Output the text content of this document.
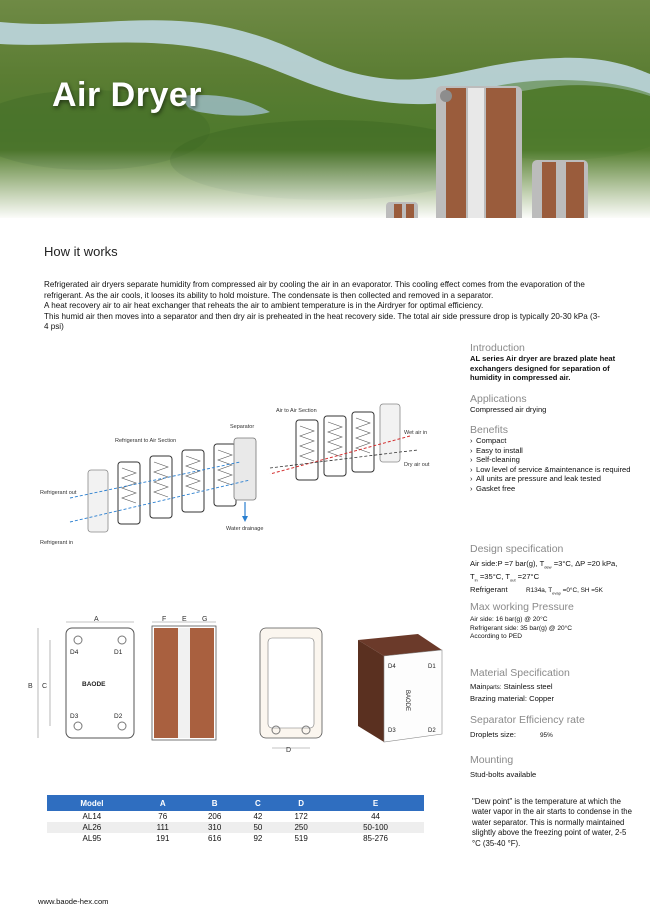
Air Dryer
How it works

Refrigerated air dryers separate humidity from compressed air by cooling the air in an evaporator. This cooling effect comes from the evaporation of the refrigerant. As the air cools, it looses its ability to hold moisture. The condensate is then collected and removed in a separator.

A heat recovery air to air heat exchanger that reheats the air to ambient temperature is in the Airdryer for optimal efficiency.

This humid air then moves into a separator and then dry air is preheated in the heat recovery side. The total air side pressure drop is typically 20-30 kPa (3-4 psi)

Air to Air Section
Refrigerant to Air Section
Separator
Wet air in
Dry air out
Refrigerant out
Refrigerant in
Water drainage
A
B C
D4	D1
D3	D2
BAODE
F E G
D
D4	D1
D3	D2
BAODE

Introduction

AL series Air dryer are brazed plate heat exchangers designed for separation of humidity in compressed air.

Applications

Compressed air drying

Benefits

› Compact
› Easy to install
› Self-cleaning
› Low level of service &maintenance is required
› All units are pressure and leak tested
› Gasket free

Design specification

Air side:P =7 bar(g), $T_{dew} =3^\circ C$, ΔP =20 kPa,
$T_{in} =35^\circ C$, $T_{out} =27^\circ C$

Refrigerant	R134a, $T_{evap} =0^\circ C$, SH =5K

Max working Pressure

Air side: 16 bar(g) @ 20°C

Refrigerant side: 35 bar(g) @ 20°C

According to PED

Material Specification

Mainparts: Stainless steel

Brazing material: Copper

Separator Efficiency rate

Droplets size:	95%

Mounting

Stud-bolts available

Model	A	B	C	D	E
AL14	76	206	42	172	44
AL26	111	310	50	250	50-100
AL95	191	616	92	519	85-276
"Dew point" is the temperature at which the water vapor in the air starts to condense in the water separator. This is normally maintained slightly above the freezing point of water, 2-5 °C (35-40 °F).
www.baode-hex.com
